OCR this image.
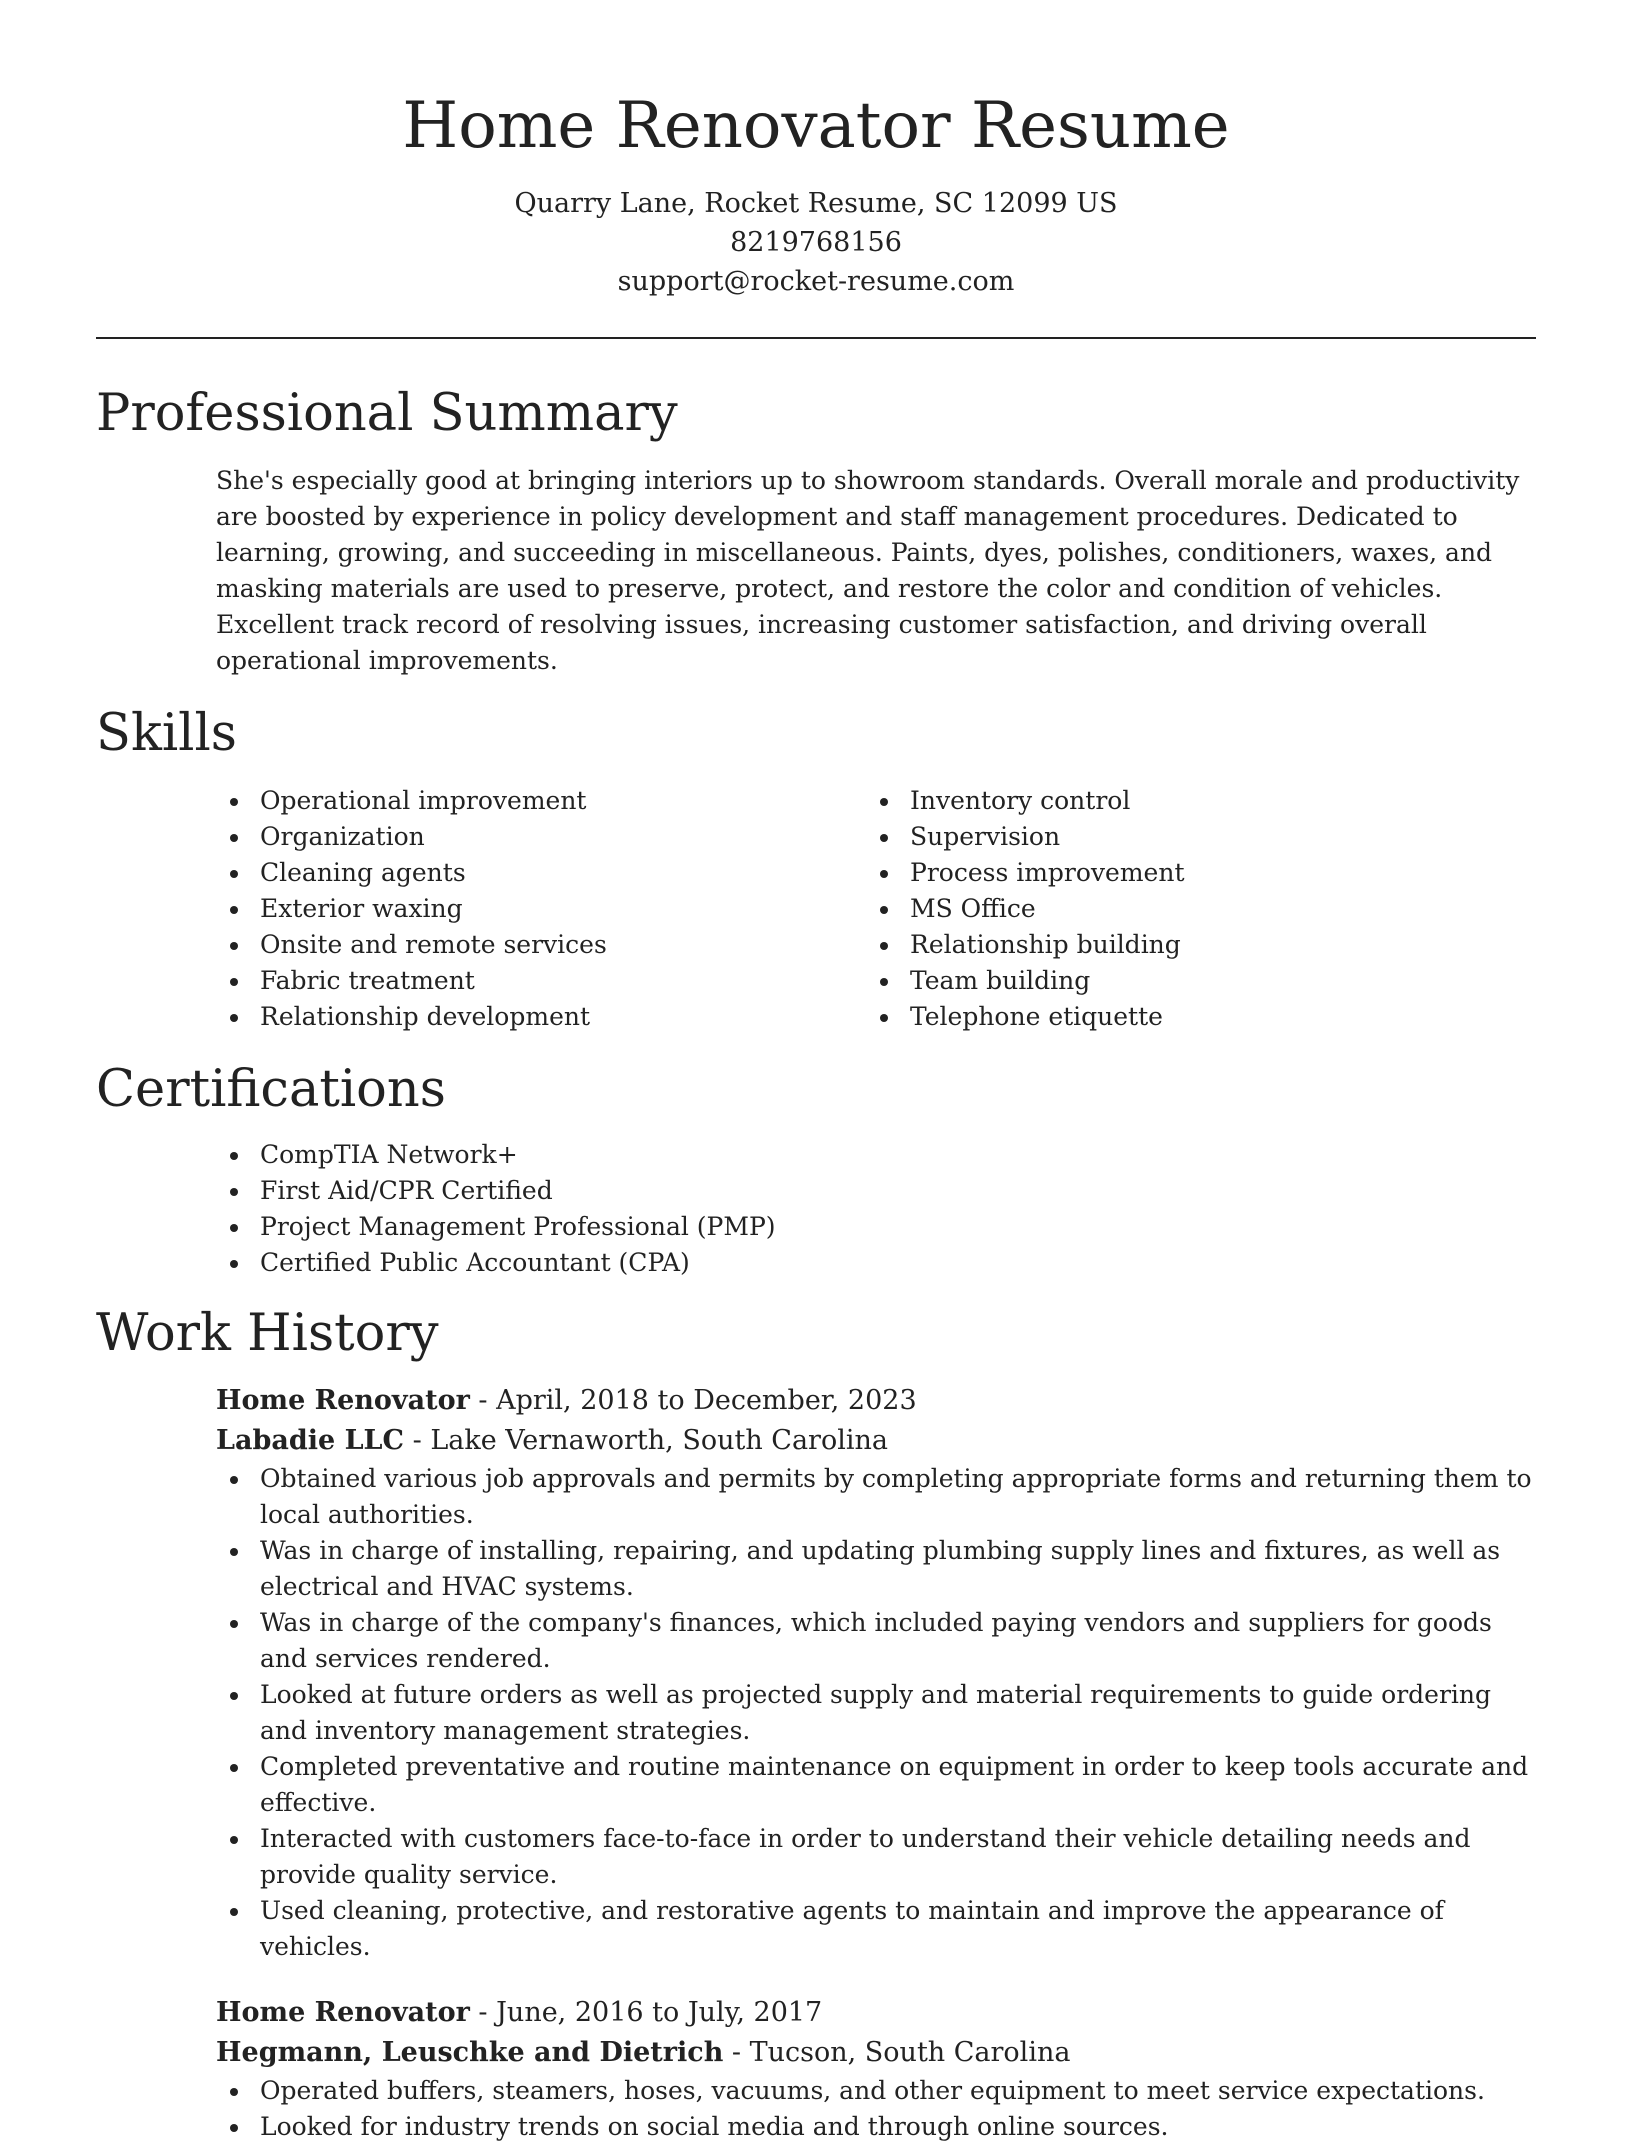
Home Renovator Resume
Quarry Lane, Rocket Resume, SC 12099 US
8219768156
support@rocket-resume.com
Professional Summary

She's especially good at bringing interiors up to showroom standards. Overall morale and productivity are boosted by experience in policy development and staff management procedures. Dedicated to learning, growing, and succeeding in miscellaneous. Paints, dyes, polishes, conditioners, waxes, and masking materials are used to preserve, protect, and restore the color and condition of vehicles. Excellent track record of resolving issues, increasing customer satisfaction, and driving overall operational improvements.

Skills
Operational improvement
Organization
Cleaning agents
Exterior waxing
Onsite and remote services
Fabric treatment
Relationship development
Inventory control
Supervision
Process improvement
MS Office
Relationship building
Team building
Telephone etiquette
Certifications
CompTIA Network+
First Aid/CPR Certified
Project Management Professional (PMP)
Certified Public Accountant (CPA)
Work History
Home Renovator - April, 2018 to December, 2023
Labadie LLC - Lake Vernaworth, South Carolina
Obtained various job approvals and permits by completing appropriate forms and returning them to local authorities.
Was in charge of installing, repairing, and updating plumbing supply lines and fixtures, as well as electrical and HVAC systems.
Was in charge of the company's finances, which included paying vendors and suppliers for goods and services rendered.
Looked at future orders as well as projected supply and material requirements to guide ordering and inventory management strategies.
Completed preventative and routine maintenance on equipment in order to keep tools accurate and effective.
Interacted with customers face-to-face in order to understand their vehicle detailing needs and provide quality service.
Used cleaning, protective, and restorative agents to maintain and improve the appearance of vehicles.
Home Renovator - June, 2016 to July, 2017
Hegmann, Leuschke and Dietrich - Tucson, South Carolina
Operated buffers, steamers, hoses, vacuums, and other equipment to meet service expectations.
Looked for industry trends on social media and through online sources.
